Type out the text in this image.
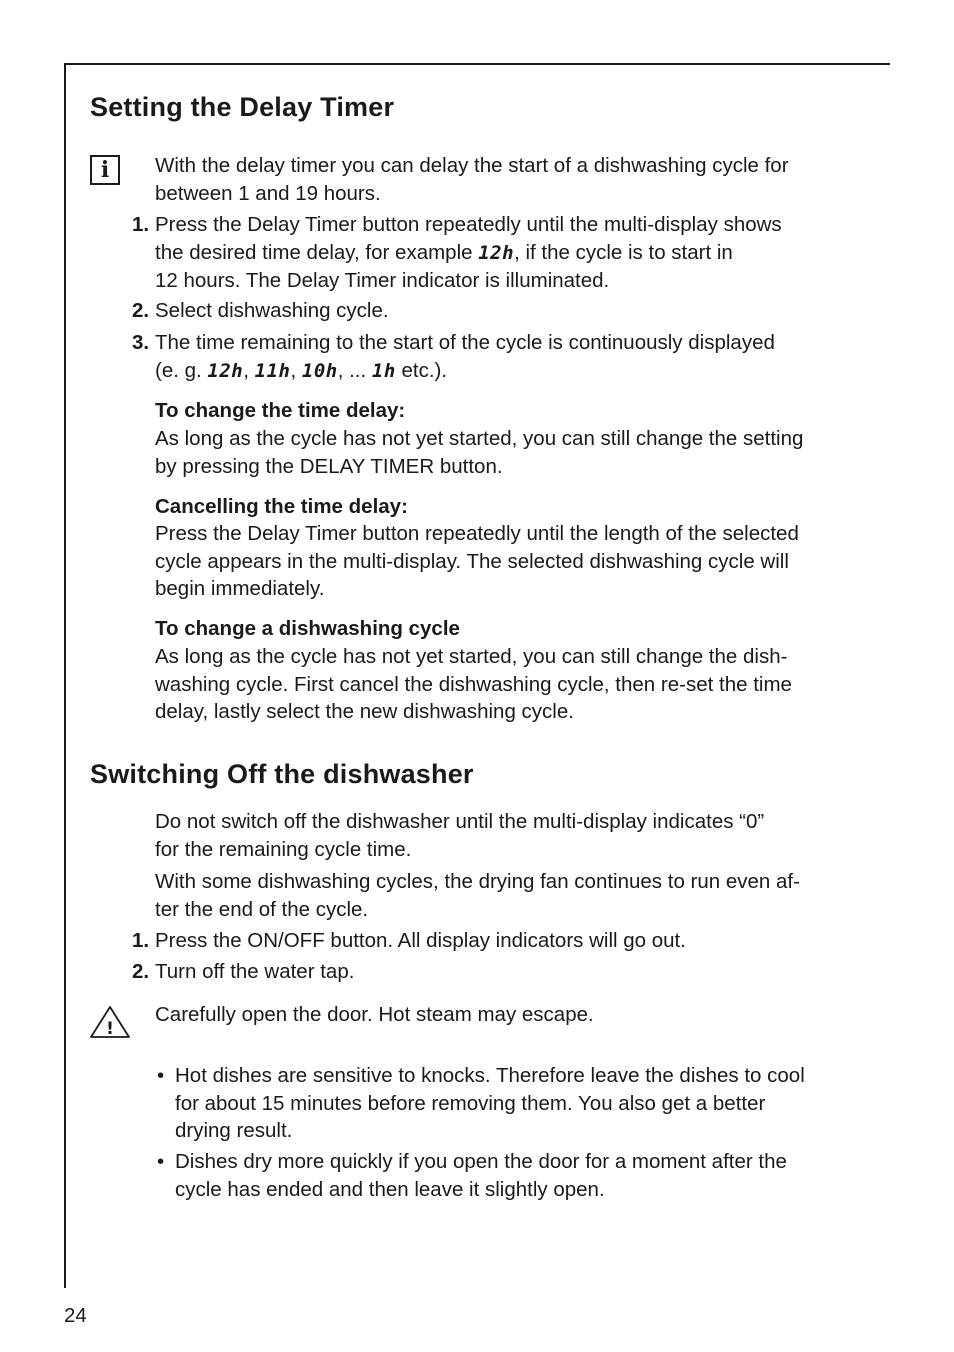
Setting the Delay Timer
i	With the delay timer you can delay the start of a dishwashing cycle for
between 1 and 19 hours.

1. Press the Delay Timer button repeatedly until the multi-display shows
the desired time delay, for example 12h, if the cycle is to start in
12 hours. The Delay Timer indicator is illuminated.

2. Select dishwashing cycle.

3. The time remaining to the start of the cycle is continuously displayed
(e. g. 12h, 11h, 10h, ... 1h etc.).

To change the time delay:

As long as the cycle has not yet started, you can still change the setting
by pressing the DELAY TIMER button.

Cancelling the time delay:

Press the Delay Timer button repeatedly until the length of the selected
cycle appears in the multi-display. The selected dishwashing cycle will
begin immediately.

To change a dishwashing cycle

As long as the cycle has not yet started, you can still change the dish-
washing cycle. First cancel the dishwashing cycle, then re-set the time
delay, lastly select the new dishwashing cycle.

Switching Off the dishwasher

Do not switch off the dishwasher until the multi-display indicates “0”
for the remaining cycle time.

With some dishwashing cycles, the drying fan continues to run even af-
ter the end of the cycle.

1. Press the ON/OFF button. All display indicators will go out.

2. Turn off the water tap.

!

Carefully open the door. Hot steam may escape.

• Hot dishes are sensitive to knocks. Therefore leave the dishes to cool
for about 15 minutes before removing them. You also get a better
drying result.

• Dishes dry more quickly if you open the door for a moment after the
cycle has ended and then leave it slightly open.

24
